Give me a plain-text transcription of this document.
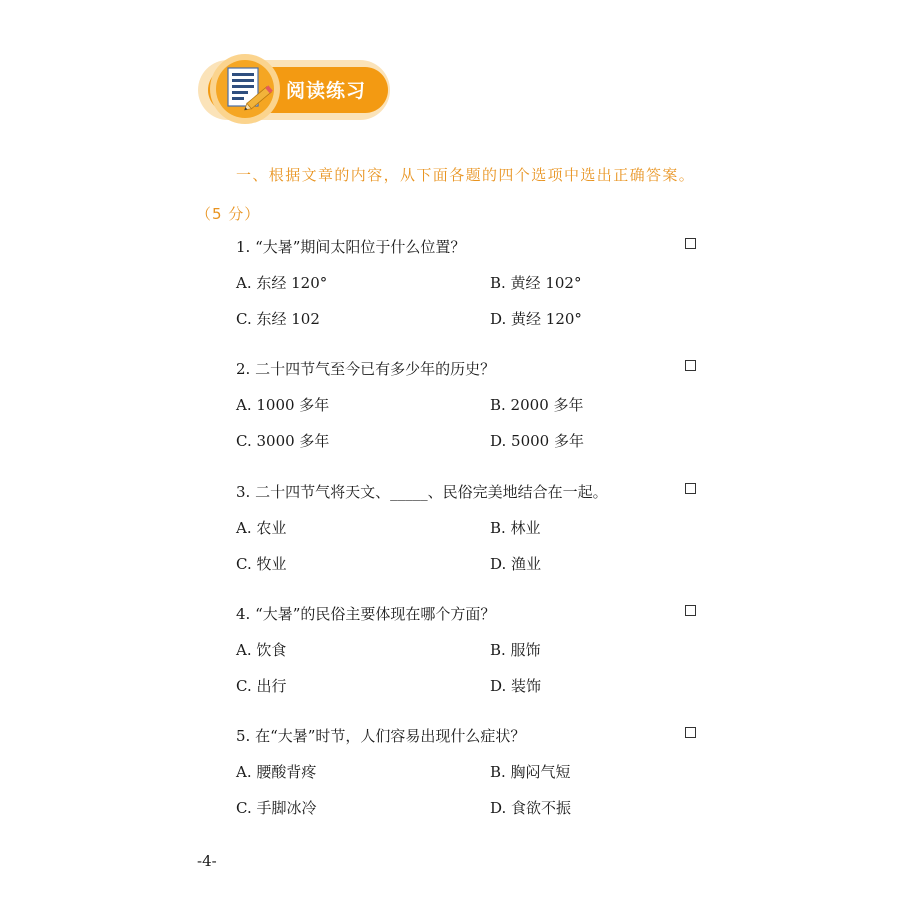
阅读练习
一、根据文章的内容，从下面各题的四个选项中选出正确答案。
（5 分）
1. “大暑”期间太阳位于什么位置？
A. 东经 120°	B. 黄经 102°
C. 东经 102	D. 黄经 120°
2. 二十四节气至今已有多少年的历史？
A. 1000 多年	B. 2000 多年
C. 3000 多年	D. 5000 多年
3. 二十四节气将天文、_____、民俗完美地结合在一起。
A. 农业	B. 林业
C. 牧业	D. 渔业
4. “大暑”的民俗主要体现在哪个方面？
A. 饮食	B. 服饰
C. 出行	D. 装饰
5. 在“大暑”时节，人们容易出现什么症状？
A. 腰酸背疼	B. 胸闷气短
C. 手脚冰冷	D. 食欲不振
-4-
